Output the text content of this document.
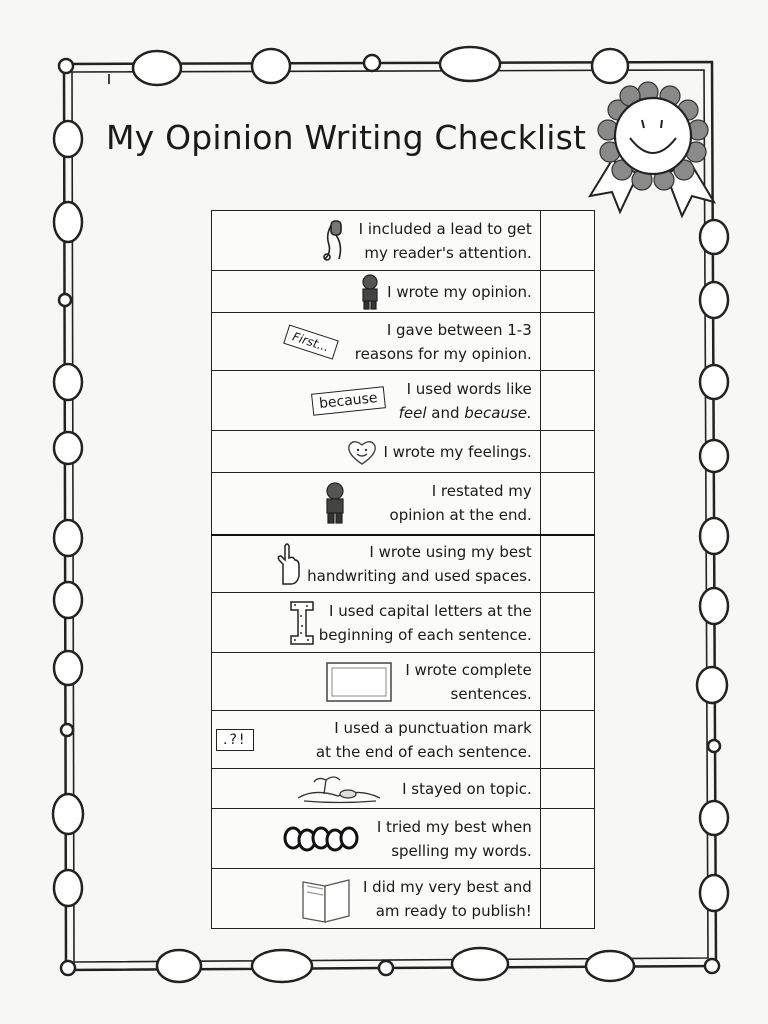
My Opinion Writing Checklist
I included a lead to get
my reader's attention.	

I wrote my opinion.	

First... I gave between 1-3
reasons for my opinion.	

because
I used words like
feel and because.	

I wrote my feelings.	

I restated my
opinion at the end.	

I wrote using my best
handwriting and used spaces.	

I used capital letters at the
beginning of each sentence.	

I wrote complete
sentences.	

.?!
I used a punctuation mark
at the end of each sentence.	

I stayed on topic.	

I tried my best when
spelling my words.	

I did my very best and
am ready to publish!	
